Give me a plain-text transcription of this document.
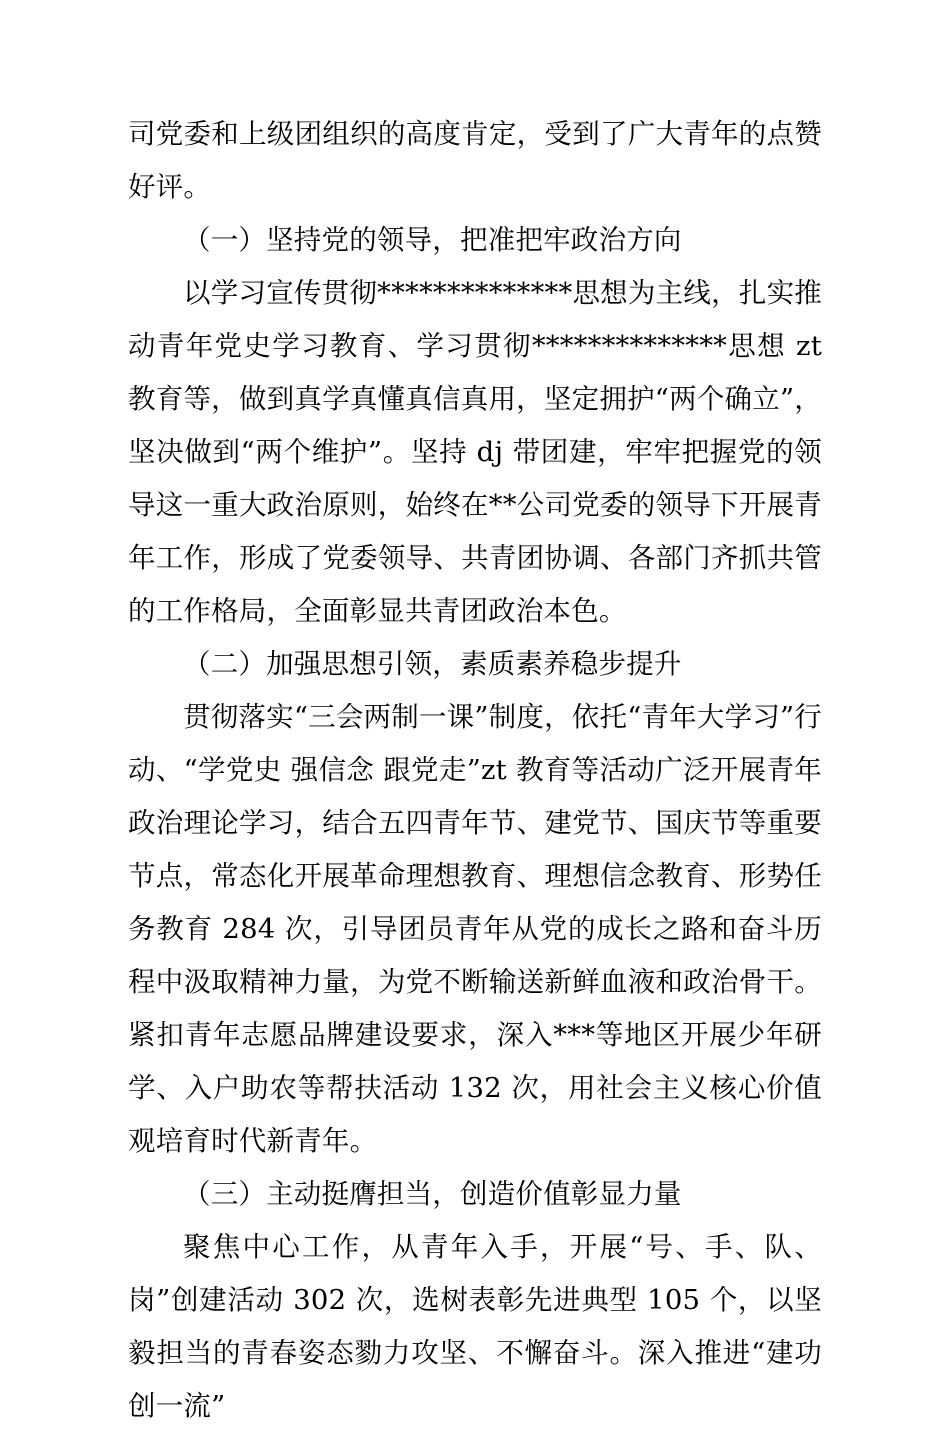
司党委和上级团组织的高度肯定，受到了广大青年的点赞好评。

（一）坚持党的领导，把准把牢政治方向

以学习宣传贯彻**************思想为主线，扎实推动青年党史学习教育、学习贯彻**************思想 zt 教育等，做到真学真懂真信真用，坚定拥护“两个确立”，坚决做到“两个维护”。坚持 dj 带团建，牢牢把握党的领导这一重大政治原则，始终在**公司党委的领导下开展青年工作，形成了党委领导、共青团协调、各部门齐抓共管的工作格局，全面彰显共青团政治本色。

（二）加强思想引领，素质素养稳步提升

贯彻落实“三会两制一课”制度，依托“青年大学习”行动、“学党史 强信念 跟党走”zt 教育等活动广泛开展青年政治理论学习，结合五四青年节、建党节、国庆节等重要节点，常态化开展革命理想教育、理想信念教育、形势任务教育 284 次，引导团员青年从党的成长之路和奋斗历程中汲取精神力量，为党不断输送新鲜血液和政治骨干。紧扣青年志愿品牌建设要求，深入***等地区开展少年研学、入户助农等帮扶活动 132 次，用社会主义核心价值观培育时代新青年。

（三）主动挺膺担当，创造价值彰显力量

聚焦中心工作，从青年入手，开展“号、手、队、岗”创建活动 302 次，选树表彰先进典型 105 个，以坚毅担当的青春姿态勠力攻坚、不懈奋斗。深入推进“建功创一流”
